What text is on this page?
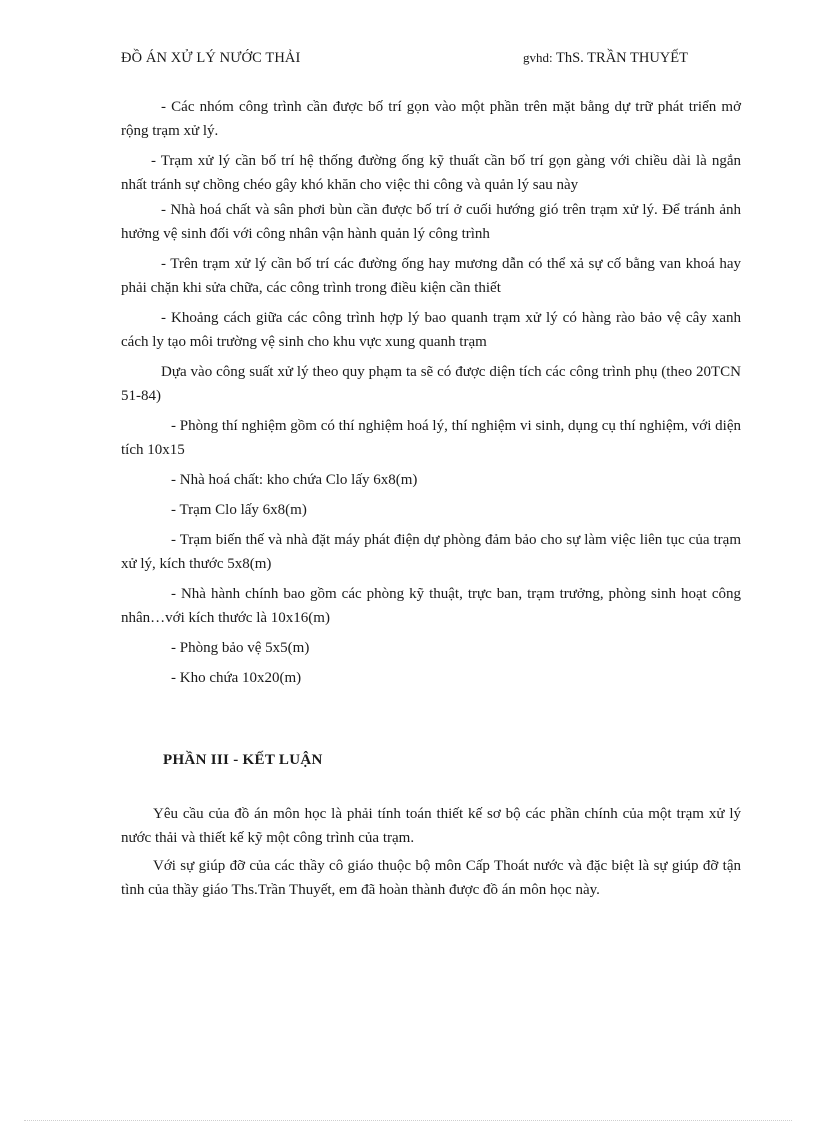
ĐỒ ÁN XỬ LÝ NƯỚC THẢI	gvhd: ThS. TRẦN THUYẾT

- Các nhóm công trình cần được bố trí gọn vào một phần trên mặt bằng dự trữ phát triển mở rộng trạm xử lý.

- Trạm xử lý cần bố trí hệ thống đường ống kỹ thuất cần bố trí gọn gàng với chiều dài là ngắn nhất tránh sự chồng chéo gây khó khăn cho việc thi công và quản lý sau này

- Nhà hoá chất và sân phơi bùn cần được bố trí ở cuối hướng gió trên trạm xử lý. Để tránh ảnh hưởng vệ sinh đối với công nhân vận hành quản lý công trình

- Trên trạm xử lý cần bố trí các đường ống hay mương dẫn có thể xả sự cố bằng van khoá hay phải chặn khi sửa chữa, các công trình trong điều kiện cần thiết

- Khoảng cách giữa các công trình hợp lý bao quanh trạm xử lý có hàng rào bảo vệ cây xanh cách ly tạo môi trường vệ sinh cho khu vực xung quanh trạm

Dựa vào công suất xử lý theo quy phạm ta sẽ có được diện tích các công trình phụ (theo 20TCN 51-84)

- Phòng thí nghiệm gồm có thí nghiệm hoá lý, thí nghiệm vi sinh, dụng cụ thí nghiệm, với diện tích 10x15

- Nhà hoá chất: kho chứa Clo lấy 6x8(m)
- Trạm Clo lấy 6x8(m)

- Trạm biến thế và nhà đặt máy phát điện dự phòng đảm bảo cho sự làm việc liên tục của trạm xử lý, kích thước 5x8(m)

- Nhà hành chính bao gồm các phòng kỹ thuật, trực ban, trạm trưởng, phòng sinh hoạt công nhân…với kích thước là 10x16(m)

- Phòng bảo vệ 5x5(m)
- Kho chứa 10x20(m)
PHẦN III - KẾT LUẬN

Yêu cầu của đồ án môn học là phải tính toán thiết kế sơ bộ các phần chính của một trạm xử lý nước thải và thiết kế kỹ một công trình của trạm.

Với sự giúp đỡ của các thầy cô giáo thuộc bộ môn Cấp Thoát nước và đặc biệt là sự giúp đỡ tận tình của thầy giáo Ths.Trần Thuyết, em đã hoàn thành được đồ án môn học này.
